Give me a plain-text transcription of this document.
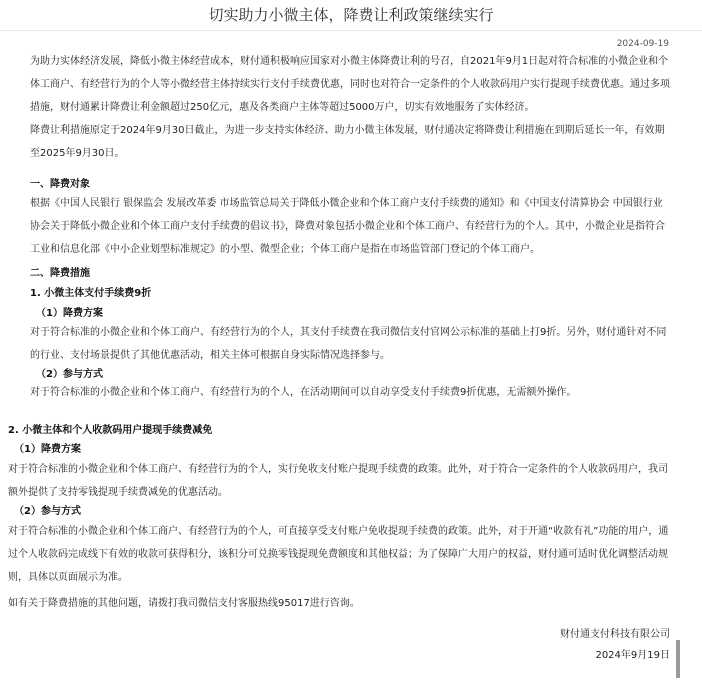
切实助力小微主体，降费让利政策继续实行
2024-09-19

为助力实体经济发展，降低小微主体经营成本，财付通积极响应国家对小微主体降费让利的号召，自2021年9月1日起对符合标准的小微企业和个体工商户、有经营行为的个人等小微经营主体持续实行支付手续费优惠，同时也对符合一定条件的个人收款码用户实行提现手续费优惠。通过多项措施，财付通累计降费让利金额超过250亿元，惠及各类商户主体等超过5000万户，切实有效地服务了实体经济。

降费让利措施原定于2024年9月30日截止，为进一步支持实体经济、助力小微主体发展，财付通决定将降费让利措施在到期后延长一年，有效期至2025年9月30日。

一、降费对象

根据《中国人民银行 银保监会 发展改革委 市场监管总局关于降低小微企业和个体工商户支付手续费的通知》和《中国支付清算协会 中国银行业协会关于降低小微企业和个体工商户支付手续费的倡议书》，降费对象包括小微企业和个体工商户、有经营行为的个人。其中，小微企业是指符合工业和信息化部《中小企业划型标准规定》的小型、微型企业；个体工商户是指在市场监管部门登记的个体工商户。

二、降费措施

1. 小微主体支付手续费9折

（1）降费方案

对于符合标准的小微企业和个体工商户、有经营行为的个人，其支付手续费在我司微信支付官网公示标准的基础上打9折。另外，财付通针对不同的行业、支付场景提供了其他优惠活动，相关主体可根据自身实际情况选择参与。

（2）参与方式

对于符合标准的小微企业和个体工商户、有经营行为的个人，在活动期间可以自动享受支付手续费9折优惠，无需额外操作。

2. 小微主体和个人收款码用户提现手续费减免

（1）降费方案

对于符合标准的小微企业和个体工商户、有经营行为的个人，实行免收支付账户提现手续费的政策。此外，对于符合一定条件的个人收款码用户，我司额外提供了支持零钱提现手续费减免的优惠活动。

（2）参与方式

对于符合标准的小微企业和个体工商户、有经营行为的个人，可直接享受支付账户免收提现手续费的政策。此外，对于开通“收款有礼”功能的用户，通过个人收款码完成线下有效的收款可获得积分，该积分可兑换零钱提现免费额度和其他权益；为了保障广大用户的权益，财付通可适时优化调整活动规则，具体以页面展示为准。

如有关于降费措施的其他问题，请拨打我司微信支付客服热线95017进行咨询。

财付通支付科技有限公司
2024年9月19日
